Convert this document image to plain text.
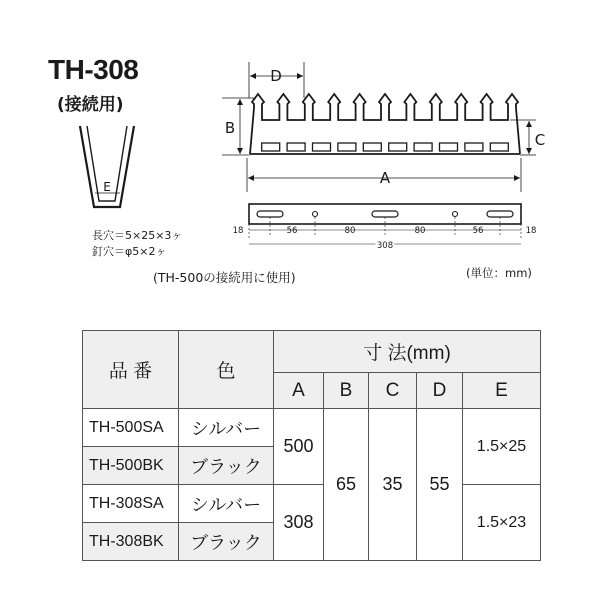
TH-308
(接続用)
E
D
B
C
A
18	56	80	80	56	18
308
長穴＝5×25×3ヶ
釘穴＝φ5×2ヶ
(TH-500の接続用に使用)	(単位：mm)
品 番	色	寸 法(mm)				
		A	B	C	D	E
TH-500SA	シルバー	500	65	35	55	1.5×25
TH-500BK	ブラック					
TH-308SA	シルバー	308				1.5×23
TH-308BK	ブラック					
